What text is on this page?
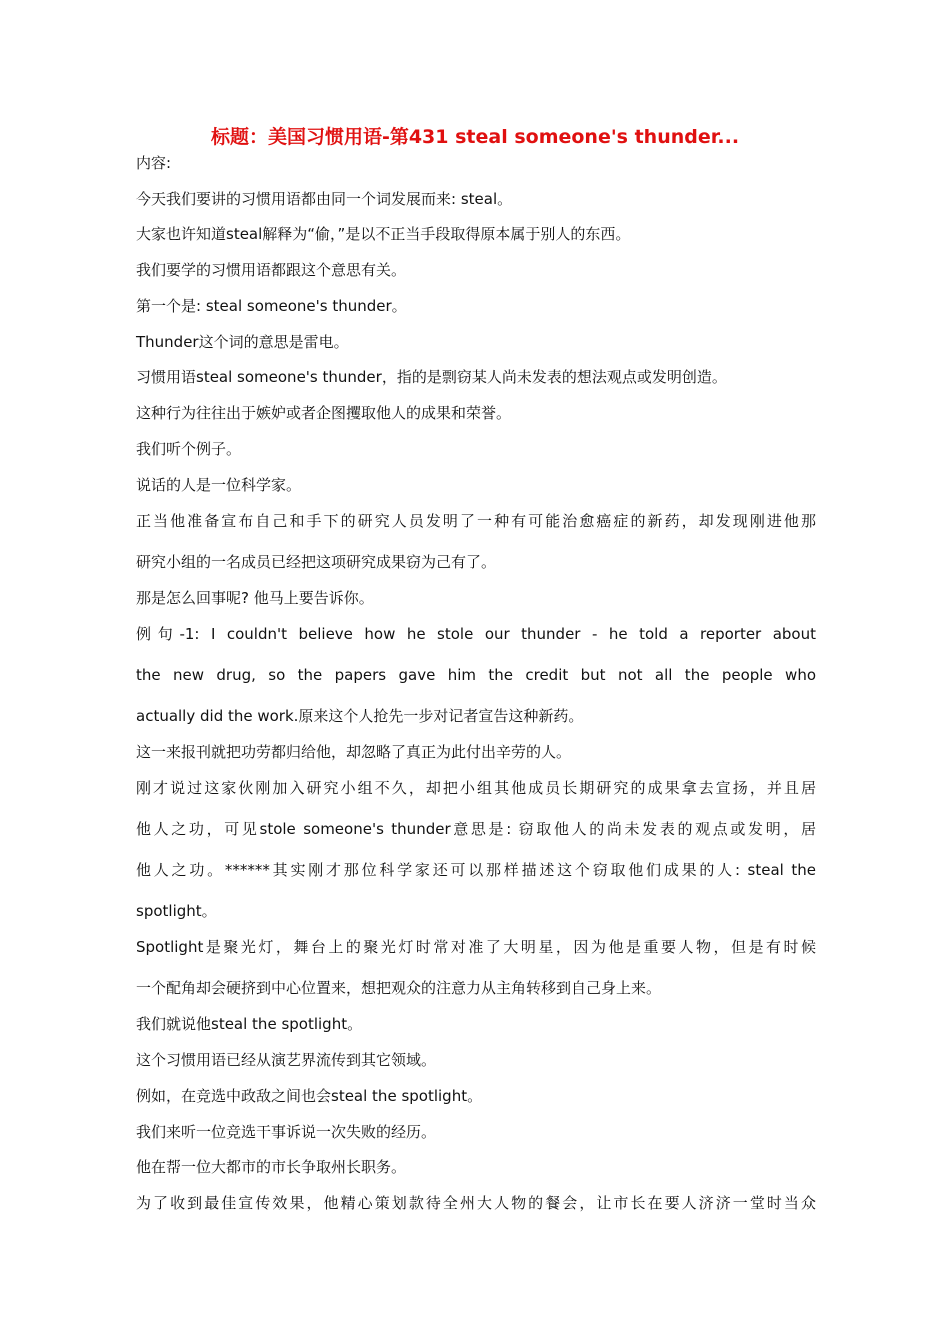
标题：美国习惯用语-第431 steal someone's thunder...
内容:
今天我们要讲的习惯用语都由同一个词发展而来: steal。
大家也许知道steal解释为“偷，”是以不正当手段取得原本属于别人的东西。
我们要学的习惯用语都跟这个意思有关。
第一个是: steal someone's thunder。
Thunder这个词的意思是雷电。
习惯用语steal someone's thunder，指的是剽窃某人尚未发表的想法观点或发明创造。
这种行为往往出于嫉妒或者企图攫取他人的成果和荣誉。
我们听个例子。
说话的人是一位科学家。
正当他准备宣布自己和手下的研究人员发明了一种有可能治愈癌症的新药，却发现刚进他那
研究小组的一名成员已经把这项研究成果窃为己有了。
那是怎么回事呢? 他马上要告诉你。
例句-1: I couldn't believe how he stole our thunder - he told a reporter about
the new drug, so the papers gave him the credit but not all the people who
actually did the work.原来这个人抢先一步对记者宣告这种新药。
这一来报刊就把功劳都归给他，却忽略了真正为此付出辛劳的人。
刚才说过这家伙刚加入研究小组不久，却把小组其他成员长期研究的成果拿去宣扬，并且居
他人之功，可见stole someone's thunder意思是: 窃取他人的尚未发表的观点或发明，居
他人之功。******其实刚才那位科学家还可以那样描述这个窃取他们成果的人: steal the
spotlight。
Spotlight是聚光灯，舞台上的聚光灯时常对准了大明星，因为他是重要人物，但是有时候
一个配角却会硬挤到中心位置来，想把观众的注意力从主角转移到自己身上来。
我们就说他steal the spotlight。
这个习惯用语已经从演艺界流传到其它领域。
例如，在竞选中政敌之间也会steal the spotlight。
我们来听一位竞选干事诉说一次失败的经历。
他在帮一位大都市的市长争取州长职务。
为了收到最佳宣传效果，他精心策划款待全州大人物的餐会，让市长在要人济济一堂时当众
